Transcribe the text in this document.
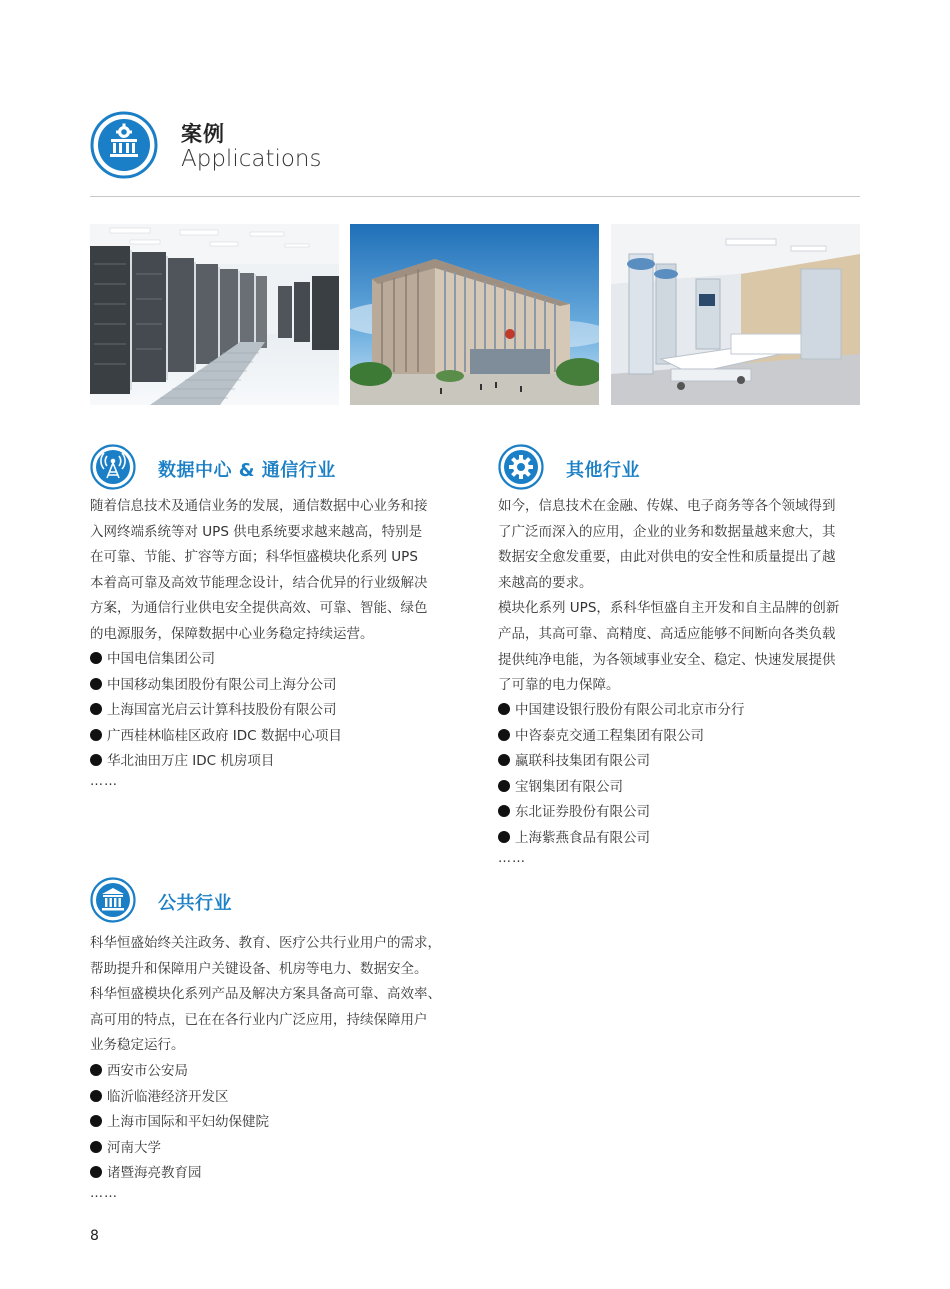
案例
Applications
数据中心 & 通信行业

随着信息技术及通信业务的发展，通信数据中心业务和接

入网终端系统等对 UPS 供电系统要求越来越高，特别是

在可靠、节能、扩容等方面；科华恒盛模块化系列 UPS

本着高可靠及高效节能理念设计，结合优异的行业级解决

方案，为通信行业供电安全提供高效、可靠、智能、绿色

的电源服务，保障数据中心业务稳定持续运营。

中国电信集团公司
中国移动集团股份有限公司上海分公司
上海国富光启云计算科技股份有限公司
广西桂林临桂区政府 IDC 数据中心项目
华北油田万庄 IDC 机房项目
……
其他行业

如今，信息技术在金融、传媒、电子商务等各个领域得到

了广泛而深入的应用，企业的业务和数据量越来愈大，其

数据安全愈发重要，由此对供电的安全性和质量提出了越

来越高的要求。

模块化系列 UPS，系科华恒盛自主开发和自主品牌的创新

产品，其高可靠、高精度、高适应能够不间断向各类负载

提供纯净电能，为各领域事业安全、稳定、快速发展提供

了可靠的电力保障。

中国建设银行股份有限公司北京市分行
中咨泰克交通工程集团有限公司
赢联科技集团有限公司
宝钢集团有限公司
东北证券股份有限公司
上海紫燕食品有限公司
……
公共行业

科华恒盛始终关注政务、教育、医疗公共行业用户的需求，

帮助提升和保障用户关键设备、机房等电力、数据安全。

科华恒盛模块化系列产品及解决方案具备高可靠、高效率、

高可用的特点，已在在各行业内广泛应用，持续保障用户

业务稳定运行。

西安市公安局
临沂临港经济开发区
上海市国际和平妇幼保健院
河南大学
诸暨海亮教育园
……
8
